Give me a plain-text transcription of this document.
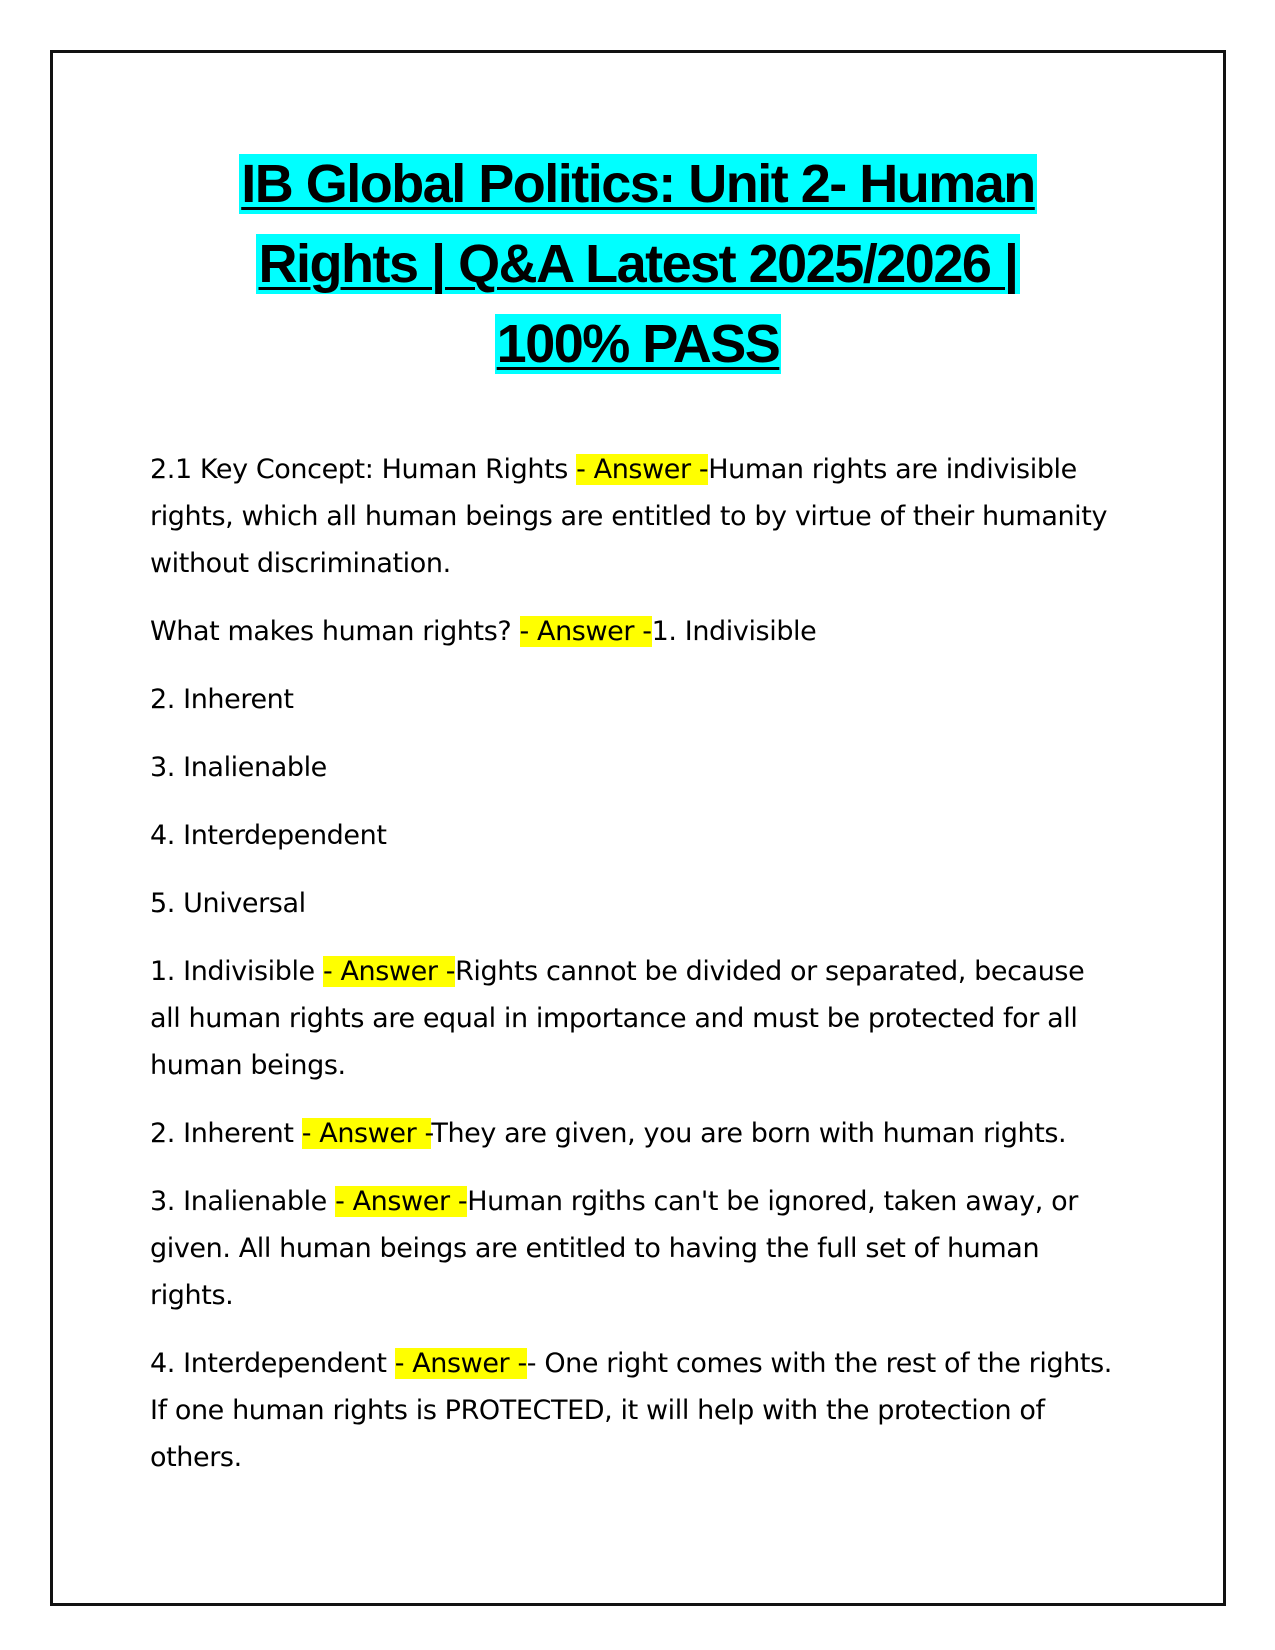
IB Global Politics: Unit 2- Human
Rights | Q&A Latest 2025/2026 |
100% PASS

2.1 Key Concept: Human Rights - Answer -Human rights are indivisible rights, which all human beings are entitled to by virtue of their humanity without discrimination.

What makes human rights? - Answer -1. Indivisible

2. Inherent

3. Inalienable

4. Interdependent

5. Universal

1. Indivisible - Answer -Rights cannot be divided or separated, because all human rights are equal in importance and must be protected for all human beings.

2. Inherent - Answer -They are given, you are born with human rights.

3. Inalienable - Answer -Human rgiths can't be ignored, taken away, or given. All human beings are entitled to having the full set of human rights.

4. Interdependent - Answer -- One right comes with the rest of the rights. If one human rights is PROTECTED, it will help with the protection of others.
